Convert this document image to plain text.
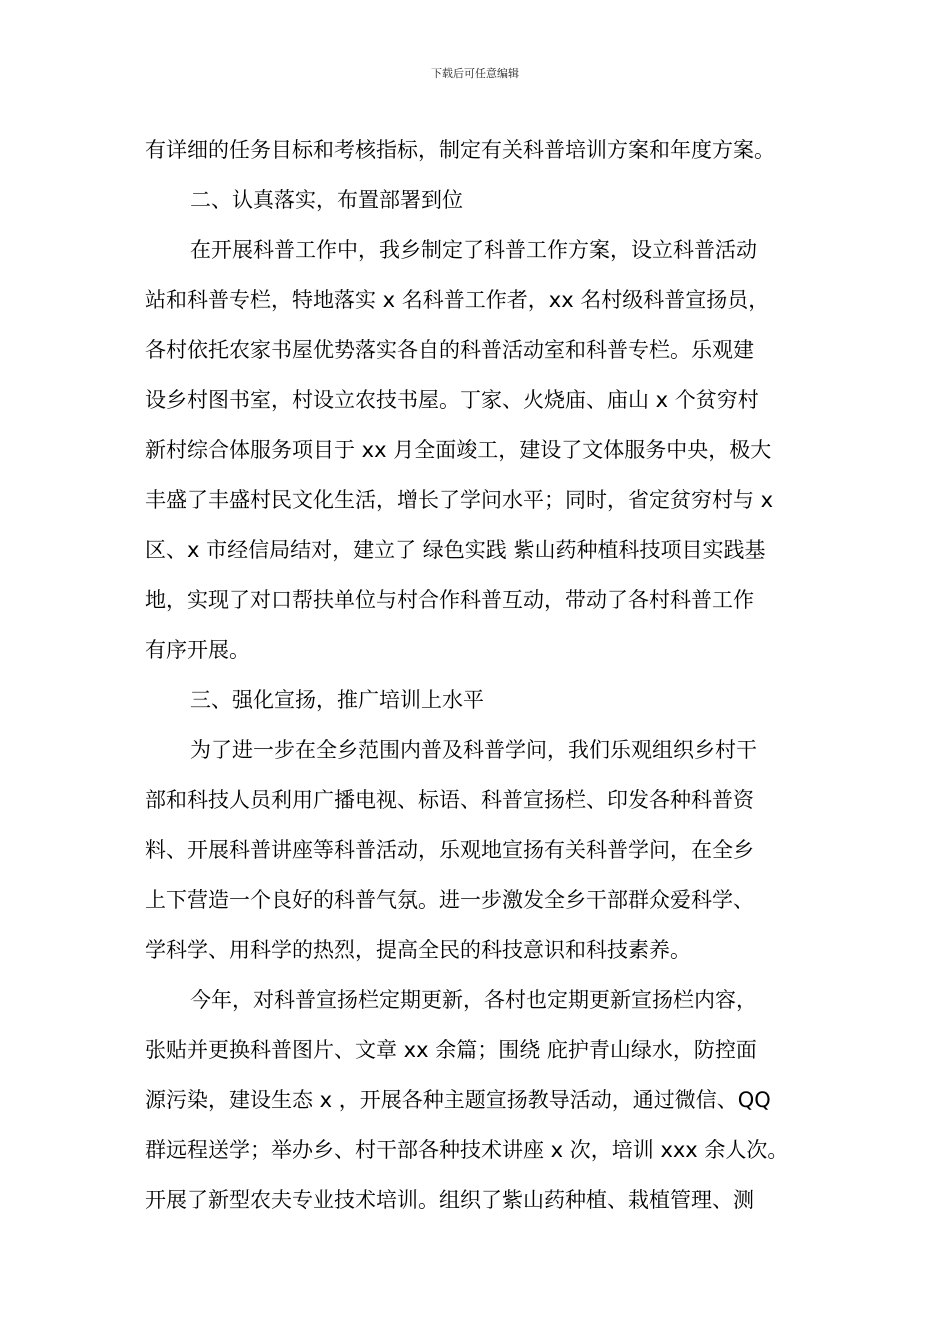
下载后可任意编辑
有详细的任务目标和考核指标，制定有关科普培训方案和年度方案。
二、认真落实，布置部署到位
在开展科普工作中，我乡制定了科普工作方案，设立科普活动
站和科普专栏，特地落实 x 名科普工作者，xx 名村级科普宣扬员，
各村依托农家书屋优势落实各自的科普活动室和科普专栏。乐观建
设乡村图书室，村设立农技书屋。丁家、火烧庙、庙山 x 个贫穷村
新村综合体服务项目于 xx 月全面竣工，建设了文体服务中央，极大
丰盛了丰盛村民文化生活，增长了学问水平；同时，省定贫穷村与 x
区、x 市经信局结对，建立了 绿色实践 紫山药种植科技项目实践基
地，实现了对口帮扶单位与村合作科普互动，带动了各村科普工作
有序开展。
三、强化宣扬，推广培训上水平
为了进一步在全乡范围内普及科普学问，我们乐观组织乡村干
部和科技人员利用广播电视、标语、科普宣扬栏、印发各种科普资
料、开展科普讲座等科普活动，乐观地宣扬有关科普学问，在全乡
上下营造一个良好的科普气氛。进一步激发全乡干部群众爱科学、
学科学、用科学的热烈，提高全民的科技意识和科技素养。
今年，对科普宣扬栏定期更新，各村也定期更新宣扬栏内容，
张贴并更换科普图片、文章 xx 余篇；围绕 庇护青山绿水，防控面
源污染，建设生态 x ，开展各种主题宣扬教导活动，通过微信、QQ
群远程送学；举办乡、村干部各种技术讲座 x 次，培训 xxx 余人次。
开展了新型农夫专业技术培训。组织了紫山药种植、栽植管理、测
